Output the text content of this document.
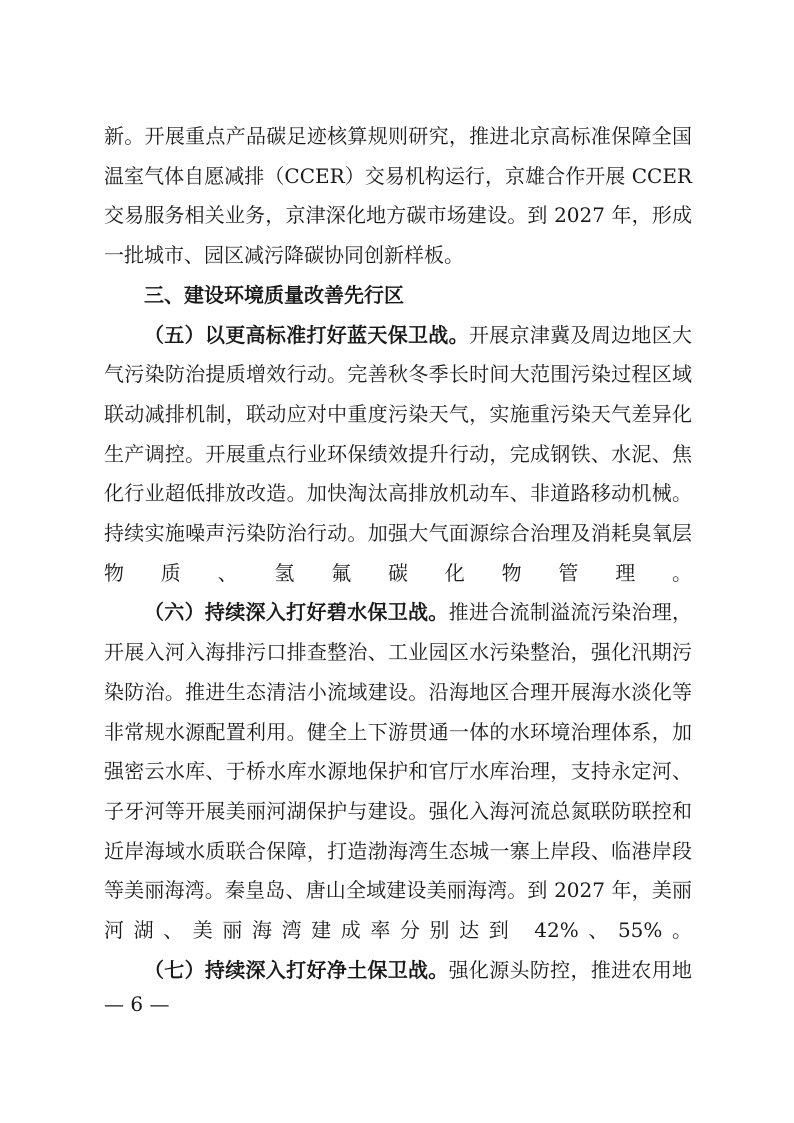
新。开展重点产品碳足迹核算规则研究，推进北京高标准保障全国温室气体自愿减排（CCER）交易机构运行，京雄合作开展 CCER 交易服务相关业务，京津深化地方碳市场建设。到 2027 年，形成一批城市、园区减污降碳协同创新样板。

三、建设环境质量改善先行区

（五）以更高标准打好蓝天保卫战。开展京津冀及周边地区大气污染防治提质增效行动。完善秋冬季长时间大范围污染过程区域联动减排机制，联动应对中重度污染天气，实施重污染天气差异化生产调控。开展重点行业环保绩效提升行动，完成钢铁、水泥、焦化行业超低排放改造。加快淘汰高排放机动车、非道路移动机械。持续实施噪声污染防治行动。加强大气面源综合治理及消耗臭氧层物质、氢氟碳化物管理。

（六）持续深入打好碧水保卫战。推进合流制溢流污染治理，开展入河入海排污口排查整治、工业园区水污染整治，强化汛期污染防治。推进生态清洁小流域建设。沿海地区合理开展海水淡化等非常规水源配置利用。健全上下游贯通一体的水环境治理体系，加强密云水库、于桥水库水源地保护和官厅水库治理，支持永定河、子牙河等开展美丽河湖保护与建设。强化入海河流总氮联防联控和近岸海域水质联合保障，打造渤海湾生态城一寨上岸段、临港岸段等美丽海湾。秦皇岛、唐山全域建设美丽海湾。到 2027 年，美丽河湖、美丽海湾建成率分别达到 42%、55%。

（七）持续深入打好净土保卫战。强化源头防控，推进农用地

— 6 —
